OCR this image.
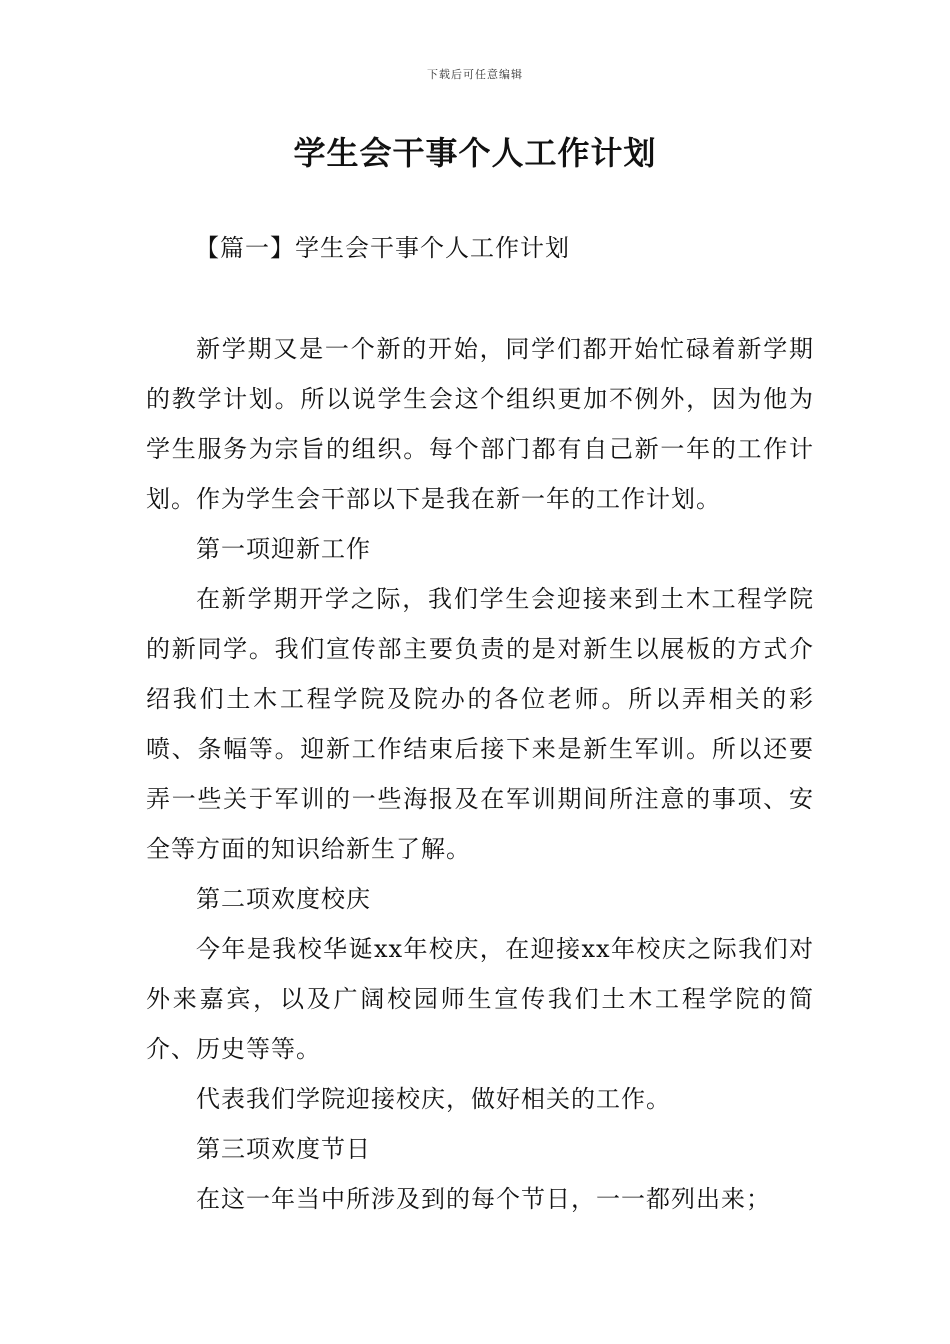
下载后可任意编辑
学生会干事个人工作计划
【篇一】学生会干事个人工作计划

新学期又是一个新的开始，同学们都开始忙碌着新学期的教学计划。所以说学生会这个组织更加不例外，因为他为学生服务为宗旨的组织。每个部门都有自己新一年的工作计划。作为学生会干部以下是我在新一年的工作计划。

第一项迎新工作

在新学期开学之际，我们学生会迎接来到土木工程学院的新同学。我们宣传部主要负责的是对新生以展板的方式介绍我们土木工程学院及院办的各位老师。所以弄相关的彩喷、条幅等。迎新工作结束后接下来是新生军训。所以还要弄一些关于军训的一些海报及在军训期间所注意的事项、安全等方面的知识给新生了解。

第二项欢度校庆

今年是我校华诞xx年校庆，在迎接xx年校庆之际我们对外来嘉宾，以及广阔校园师生宣传我们土木工程学院的简介、历史等等。

代表我们学院迎接校庆，做好相关的工作。

第三项欢度节日

在这一年当中所涉及到的每个节日，一一都列出来；
